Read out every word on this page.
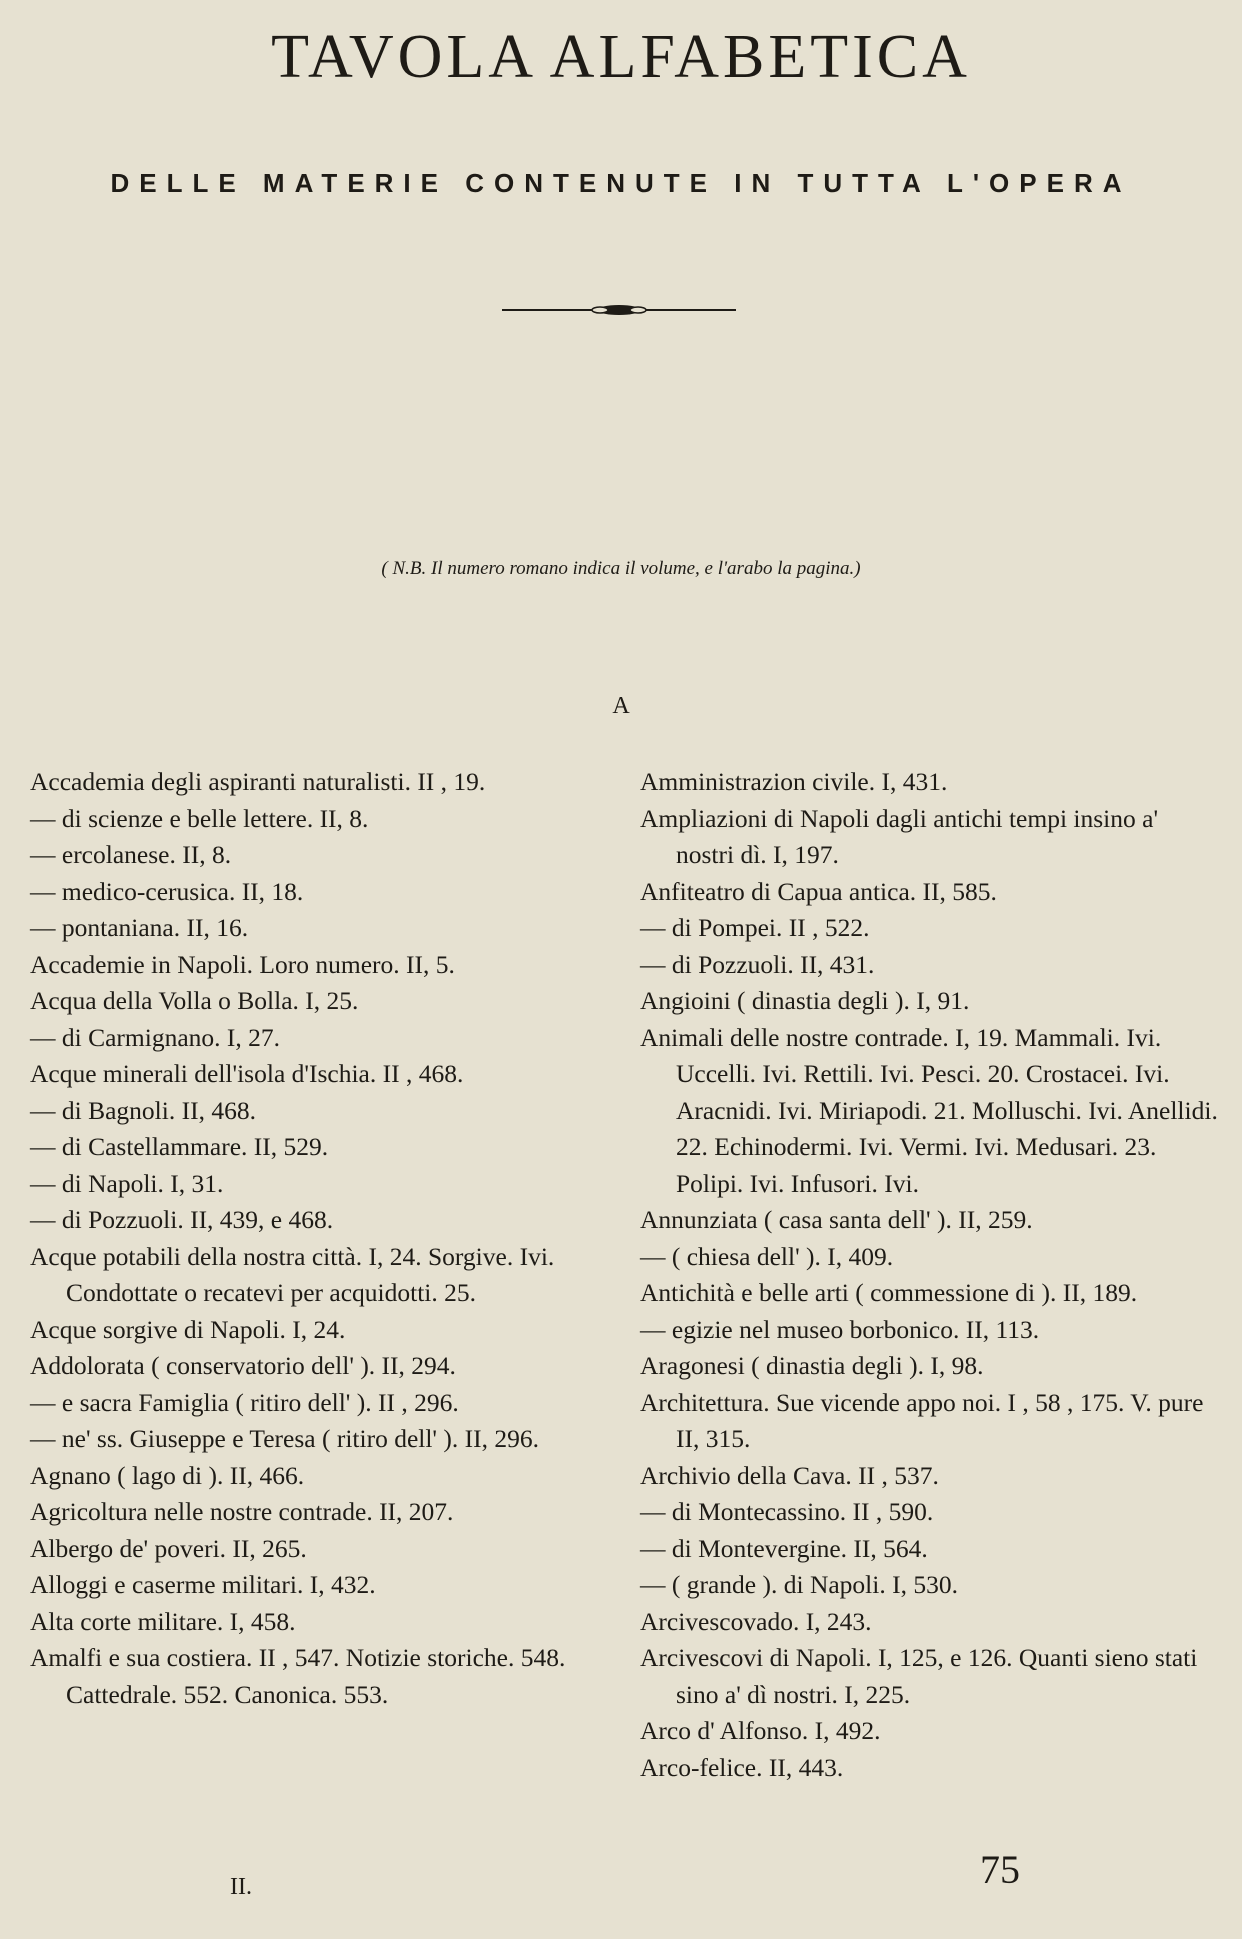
TAVOLA ALFABETICA
DELLE MATERIE CONTENUTE IN TUTTA L'OPERA

( N.B. Il numero romano indica il volume, e l'arabo la pagina.)

A

Accademia degli aspiranti naturalisti. II , 19.
— di scienze e belle lettere. II, 8.
— ercolanese. II, 8.
— medico-cerusica. II, 18.
— pontaniana. II, 16.
Accademie in Napoli. Loro numero. II, 5.
Acqua della Volla o Bolla. I, 25.
— di Carmignano. I, 27.
Acque minerali dell'isola d'Ischia. II , 468.
— di Bagnoli. II, 468.
— di Castellammare. II, 529.
— di Napoli. I, 31.
— di Pozzuoli. II, 439, e 468.
Acque potabili della nostra città. I, 24. Sorgive. Ivi. Condottate o recatevi per acquidotti. 25.
Acque sorgive di Napoli. I, 24.
Addolorata ( conservatorio dell' ). II, 294.
— e sacra Famiglia ( ritiro dell' ). II , 296.
— ne' ss. Giuseppe e Teresa ( ritiro dell' ). II, 296.
Agnano ( lago di ). II, 466.
Agricoltura nelle nostre contrade. II, 207.
Albergo de' poveri. II, 265.
Alloggi e caserme militari. I, 432.
Alta corte militare. I, 458.
Amalfi e sua costiera. II , 547. Notizie storiche. 548. Cattedrale. 552. Canonica. 553.
Amministrazion civile. I, 431.
Ampliazioni di Napoli dagli antichi tempi insino a' nostri dì. I, 197.
Anfiteatro di Capua antica. II, 585.
— di Pompei. II , 522.
— di Pozzuoli. II, 431.
Angioini ( dinastia degli ). I, 91.
Animali delle nostre contrade. I, 19. Mammali. Ivi. Uccelli. Ivi. Rettili. Ivi. Pesci. 20. Crostacei. Ivi. Aracnidi. Ivi. Miriapodi. 21. Molluschi. Ivi. Anellidi. 22. Echinodermi. Ivi. Vermi. Ivi. Medusari. 23. Polipi. Ivi. Infusori. Ivi.
Annunziata ( casa santa dell' ). II, 259.
— ( chiesa dell' ). I, 409.
Antichità e belle arti ( commessione di ). II, 189.
— egizie nel museo borbonico. II, 113.
Aragonesi ( dinastia degli ). I, 98.
Architettura. Sue vicende appo noi. I , 58 , 175. V. pure II, 315.
Archivio della Cava. II , 537.
— di Montecassino. II , 590.
— di Montevergine. II, 564.
— ( grande ). di Napoli. I, 530.
Arcivescovado. I, 243.
Arcivescovi di Napoli. I, 125, e 126. Quanti sieno stati sino a' dì nostri. I, 225.
Arco d' Alfonso. I, 492.
Arco-felice. II, 443.

II.	75
